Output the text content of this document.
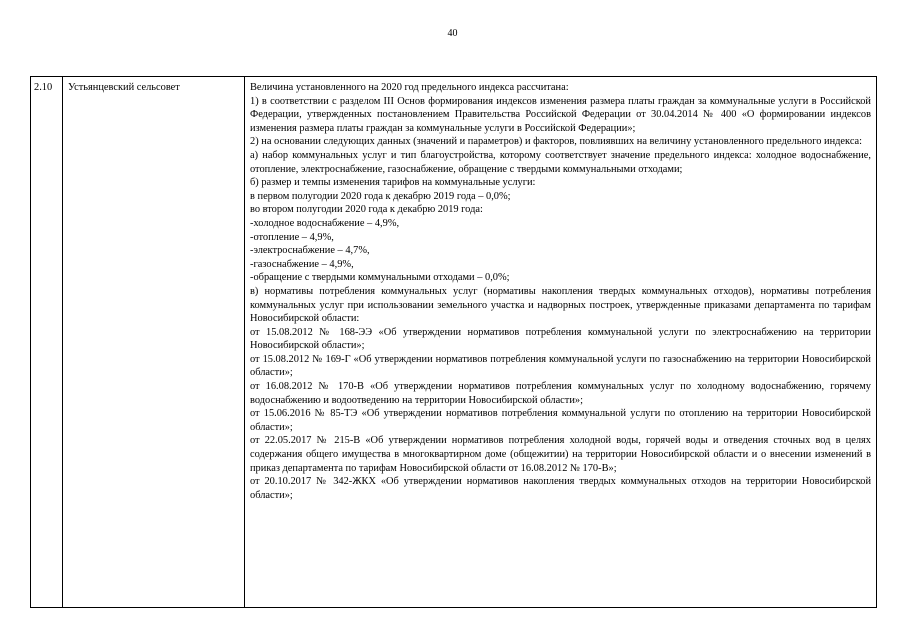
40
2.10	Устьянцевский сельсовет	Величина установленного на 2020 год предельного индекса рассчитана:

1) в соответствии с разделом III Основ формирования индексов изменения размера платы граждан за коммунальные услуги в Российской Федерации, утвержденных постановлением Правительства Российской Федерации от 30.04.2014 № 400 «О формировании индексов изменения размера платы граждан за коммунальные услуги в Российской Федерации»;

2) на основании следующих данных (значений и параметров) и факторов, повлиявших на величину установленного предельного индекса:

а) набор коммунальных услуг и тип благоустройства, которому соответствует значение предельного индекса: холодное водоснабжение, отопление, электроснабжение, газоснабжение, обращение с твердыми коммунальными отходами;

б) размер и темпы изменения тарифов на коммунальные услуги:

в первом полугодии 2020 года к декабрю 2019 года – 0,0%;

во втором полугодии 2020 года к декабрю 2019 года:

-холодное водоснабжение – 4,9%,

-отопление – 4,9%,

-электроснабжение – 4,7%,

-газоснабжение – 4,9%,

-обращение с твердыми коммунальными отходами – 0,0%;

в) нормативы потребления коммунальных услуг (нормативы накопления твердых коммунальных отходов), нормативы потребления коммунальных услуг при использовании земельного участка и надворных построек, утвержденные приказами департамента по тарифам Новосибирской области:

от 15.08.2012 № 168-ЭЭ «Об утверждении нормативов потребления коммунальной услуги по электроснабжению на территории Новосибирской области»;

от 15.08.2012 № 169-Г «Об утверждении нормативов потребления коммунальной услуги по газоснабжению на территории Новосибирской области»;

от 16.08.2012 № 170-В «Об утверждении нормативов потребления коммунальных услуг по холодному водоснабжению, горячему водоснабжению и водоотведению на территории Новосибирской области»;

от 15.06.2016 № 85-ТЭ «Об утверждении нормативов потребления коммунальной услуги по отоплению на территории Новосибирской области»;

от 22.05.2017 № 215-В «Об утверждении нормативов потребления холодной воды, горячей воды и отведения сточных вод в целях содержания общего имущества в многоквартирном доме (общежитии) на территории Новосибирской области и о внесении изменений в приказ департамента по тарифам Новосибирской области от 16.08.2012 № 170-В»;

от 20.10.2017 № 342-ЖКХ «Об утверждении нормативов накопления твердых коммунальных отходов на территории Новосибирской области»;
